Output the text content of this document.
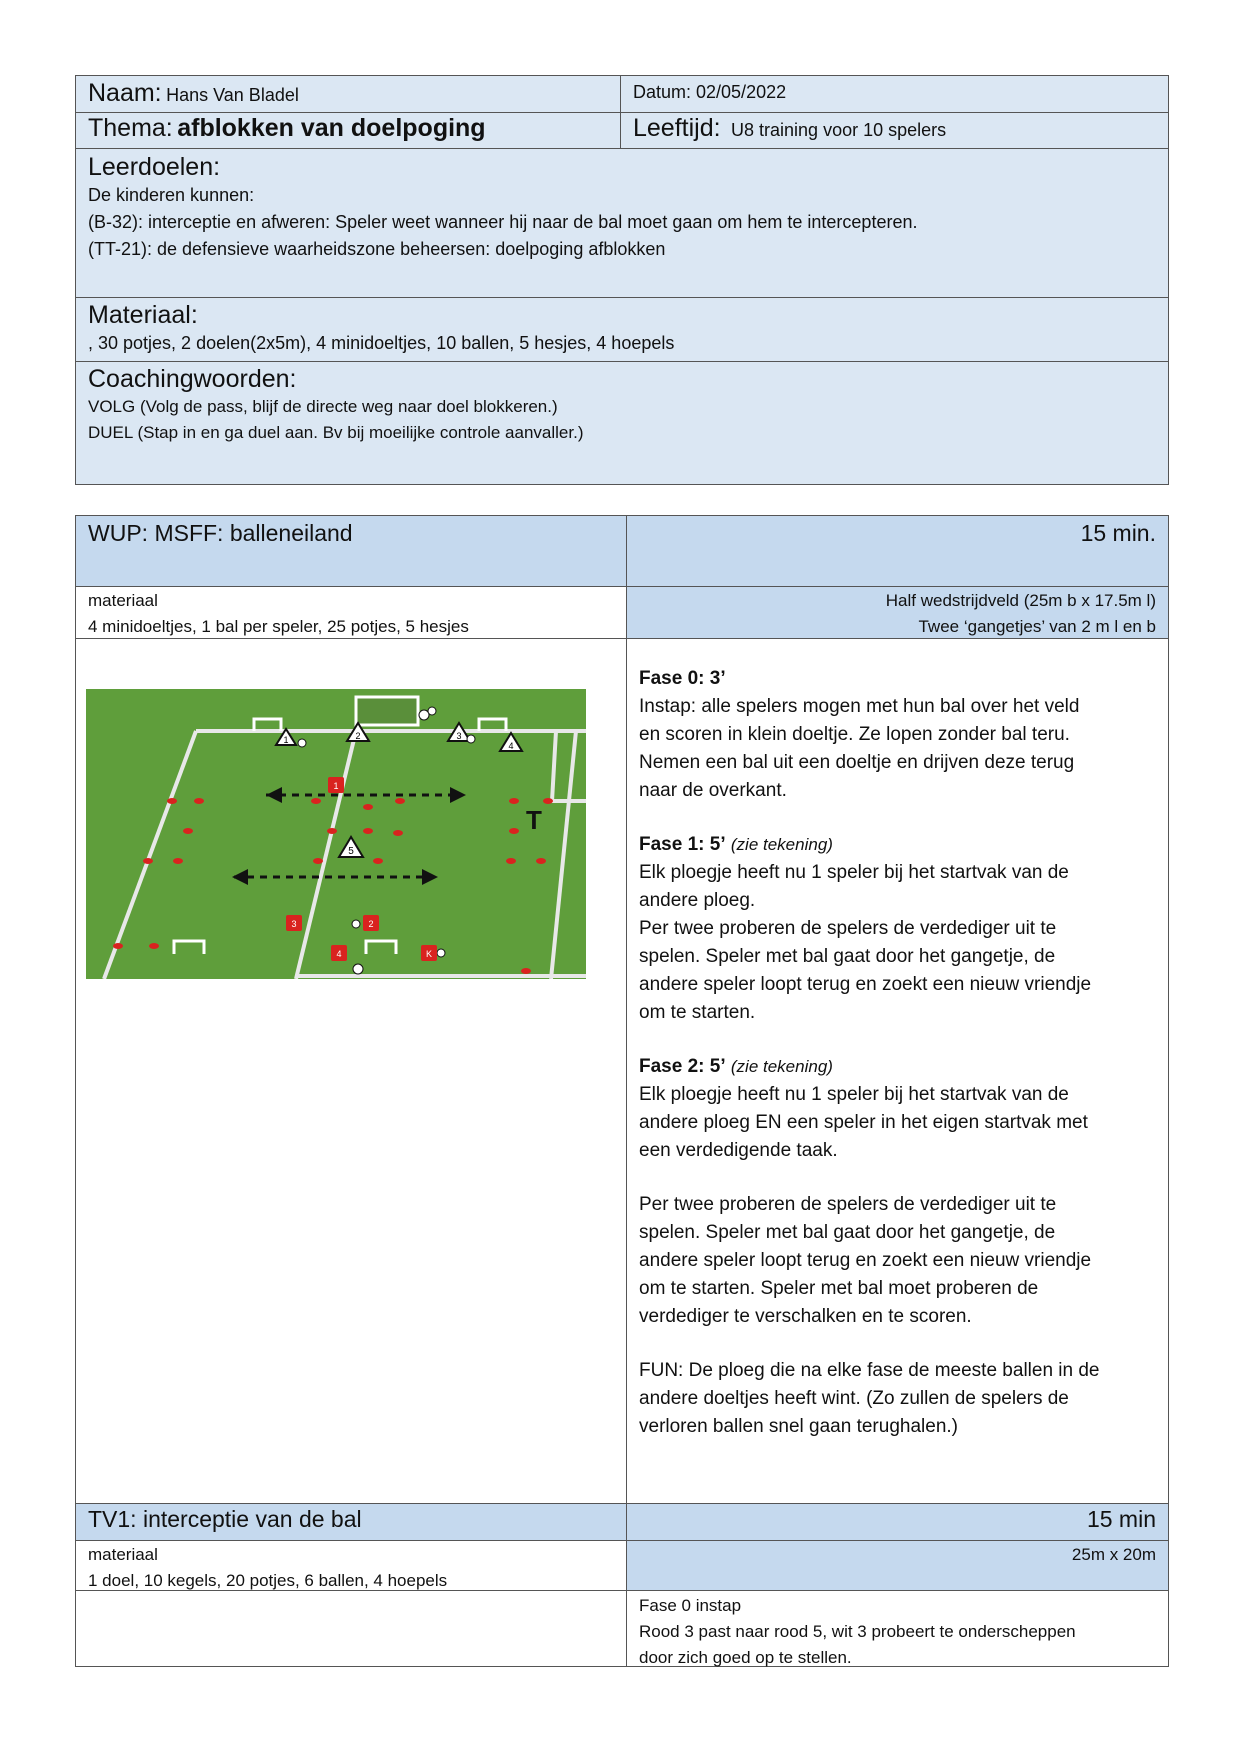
Naam: Hans Van Bladel	Datum: 02/05/2022
Thema: afblokken van doelpoging	Leeftijd: U8 training voor 10 spelers
Leerdoelen:
De kinderen kunnen:
(B-32): interceptie en afweren: Speler weet wanneer hij naar de bal moet gaan om hem te intercepteren.
(TT-21): de defensieve waarheidszone beheersen: doelpoging afblokken
Materiaal:
, 30 potjes, 2 doelen(2x5m), 4 minidoeltjes, 10 ballen, 5 hesjes, 4 hoepels
Coachingwoorden:
VOLG (Volg de pass, blijf de directe weg naar doel blokkeren.)
DUEL (Stap in en ga duel aan. Bv bij moeilijke controle aanvaller.)
WUP: MSFF: balleneiland	15 min.
materiaal
4 minidoeltjes, 1 bal per speler, 25 potjes, 5 hesjes
Half wedstrijdveld (25m b x 17.5m l)
Twee ‘gangetjes’ van 2 m l en b
1	2	3
4
5
T
1
2
3
4	K

Fase 0: 3’

Instap: alle spelers mogen met hun bal over het veld

en scoren in klein doeltje. Ze lopen zonder bal teru.

Nemen een bal uit een doeltje en drijven deze terug

naar de overkant.

Fase 1: 5’ (zie tekening)

Elk ploegje heeft nu 1 speler bij het startvak van de

andere ploeg.

Per twee proberen de spelers de verdediger uit te

spelen. Speler met bal gaat door het gangetje, de

andere speler loopt terug en zoekt een nieuw vriendje

om te starten.

Fase 2: 5’ (zie tekening)

Elk ploegje heeft nu 1 speler bij het startvak van de

andere ploeg EN een speler in het eigen startvak met

een verdedigende taak.

Per twee proberen de spelers de verdediger uit te

spelen. Speler met bal gaat door het gangetje, de

andere speler loopt terug en zoekt een nieuw vriendje

om te starten. Speler met bal moet proberen de

verdediger te verschalken en te scoren.

FUN: De ploeg die na elke fase de meeste ballen in de

andere doeltjes heeft wint. (Zo zullen de spelers de

verloren ballen snel gaan terughalen.)

TV1: interceptie van de bal	15 min
materiaal
1 doel, 10 kegels, 20 potjes, 6 ballen, 4 hoepels
25m x 20m
Fase 0 instap
Rood 3 past naar rood 5, wit 3 probeert te onderscheppen
door zich goed op te stellen.
